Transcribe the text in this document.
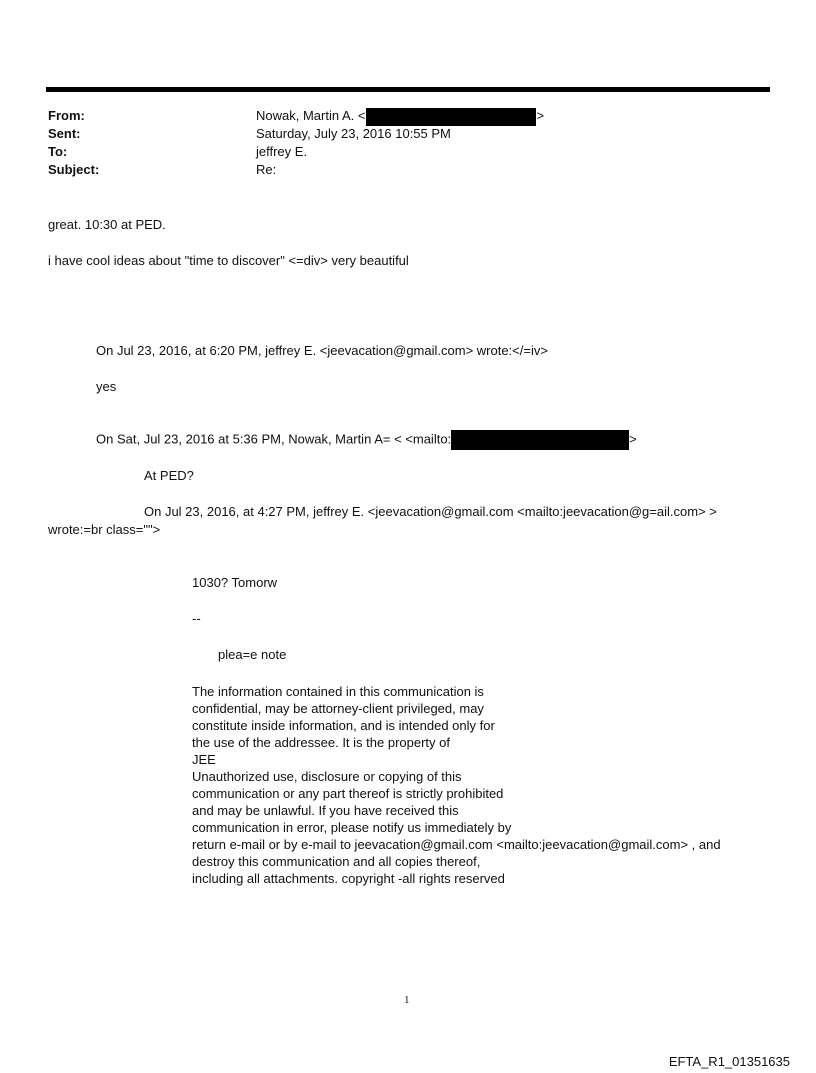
From:	Nowak, Martin A. <	>
Sent:	Saturday, July 23, 2016 10:55 PM
To:	jeffrey E.
Subject:	Re:
great. 10:30 at PED.
i have cool ideas about "time to discover" <=div> very beautiful
On Jul 23, 2016, at 6:20 PM, jeffrey E. <jeevacation@gmail.com> wrote:</=iv>
yes
On Sat, Jul 23, 2016 at 5:36 PM, Nowak, Martin A= < <mailto:	>
At PED?
On Jul 23, 2016, at 4:27 PM, jeffrey E. <jeevacation@gmail.com <mailto:jeevacation@g=ail.com> >
wrote:=br class="">
1030? Tomorw
--
plea=e note
The information contained in this communication is
confidential, may be attorney-client privileged, may
constitute inside information, and is intended only for
the use of the addressee. It is the property of
JEE
Unauthorized use, disclosure or copying of this
communication or any part thereof is strictly prohibited
and may be unlawful. If you have received this
communication in error, please notify us immediately by
return e-mail or by e-mail to jeevacation@gmail.com <mailto:jeevacation@gmail.com> , and
destroy this communication and all copies thereof,
including all attachments. copyright -all rights reserved
1
EFTA_R1_01351635
